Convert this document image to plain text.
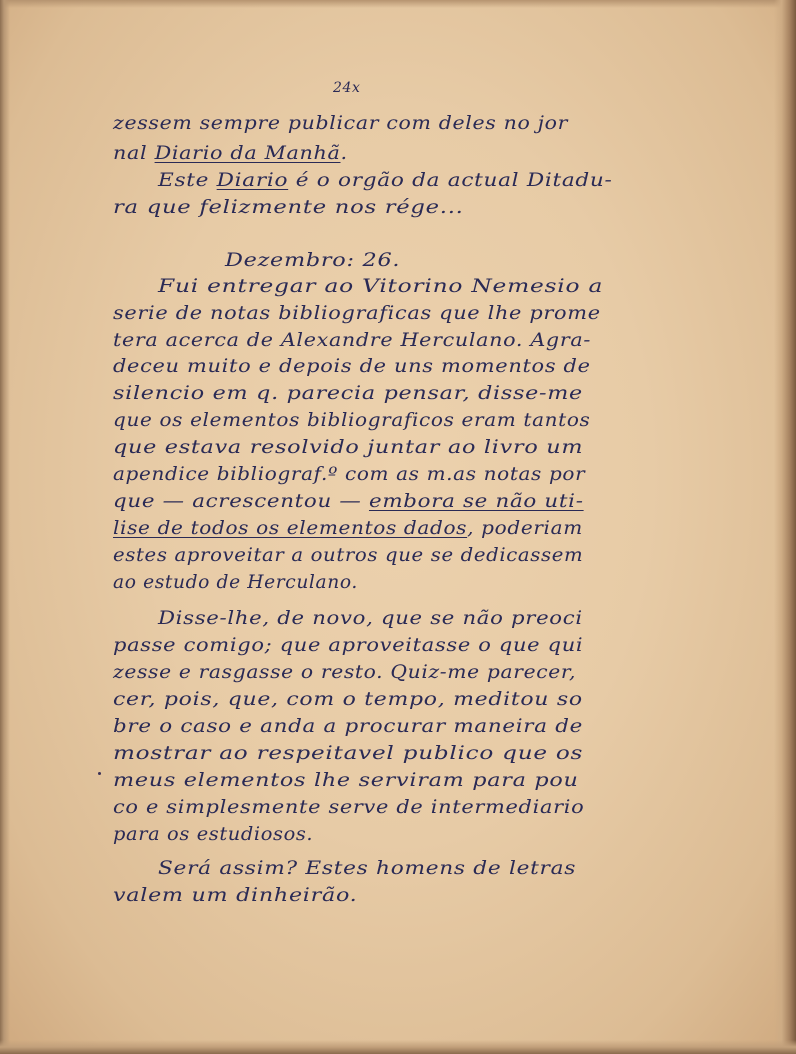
24x
zessem sempre publicar com deles no jor
nal Diario da Manhã.
Este Diario é o orgão da actual Ditadu-
ra que felizmente nos rége...
Dezembro: 26.
Fui entregar ao Vitorino Nemesio a
serie de notas bibliograficas que lhe prome
tera acerca de Alexandre Herculano. Agra-
deceu muito e depois de uns momentos de
silencio em q. parecia pensar, disse-me
que os elementos bibliograficos eram tantos
que estava resolvido juntar ao livro um
apendice bibliograf.º com as m.as notas por
que — acrescentou — embora se não uti-
lise de todos os elementos dados, poderiam
estes aproveitar a outros que se dedicassem
ao estudo de Herculano.
Disse-lhe, de novo, que se não preoci
passe comigo; que aproveitasse o que qui
zesse e rasgasse o resto. Quiz-me parecer,
cer, pois, que, com o tempo, meditou so
bre o caso e anda a procurar maneira de
mostrar ao respeitavel publico que os
meus elementos lhe serviram para pou
co e simplesmente serve de intermediario
para os estudiosos.
Será assim? Estes homens de letras
valem um dinheirão.
